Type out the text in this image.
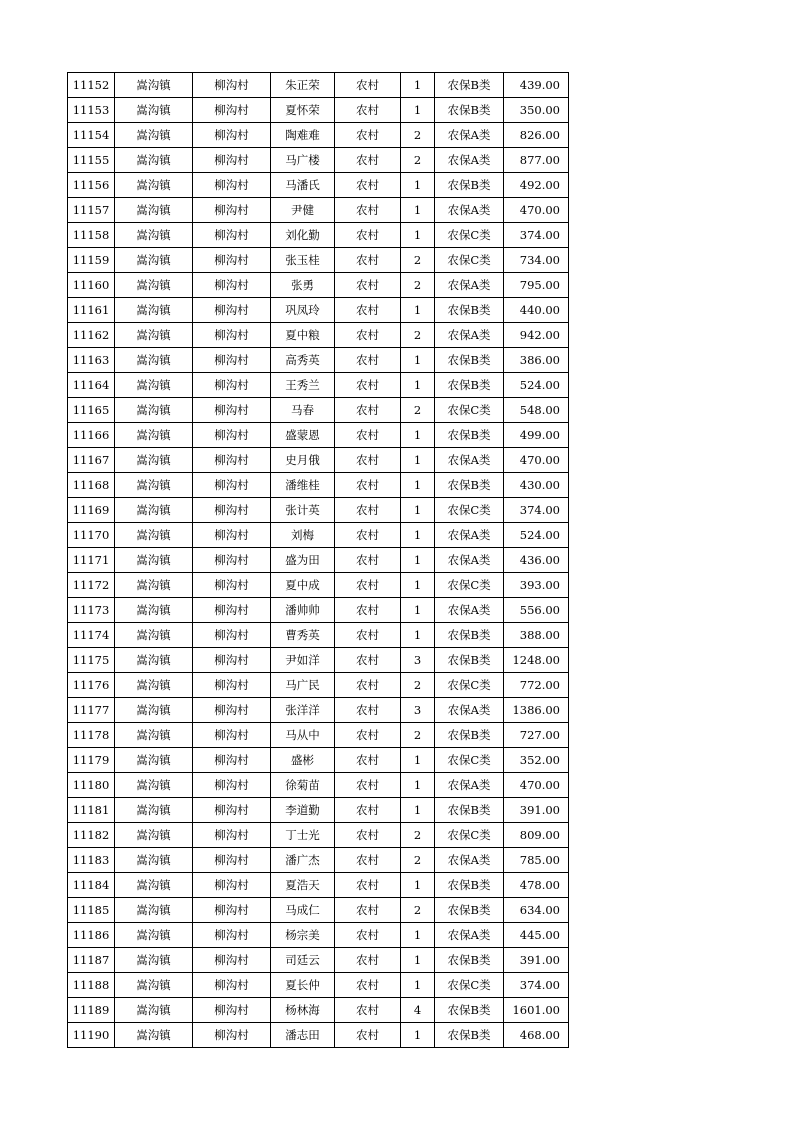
11152	嵩沟镇	柳沟村	朱正荣	农村	1	农保B类	439.00
11153	嵩沟镇	柳沟村	夏怀荣	农村	1	农保B类	350.00
11154	嵩沟镇	柳沟村	陶难难	农村	2	农保A类	826.00
11155	嵩沟镇	柳沟村	马广楼	农村	2	农保A类	877.00
11156	嵩沟镇	柳沟村	马潘氏	农村	1	农保B类	492.00
11157	嵩沟镇	柳沟村	尹健	农村	1	农保A类	470.00
11158	嵩沟镇	柳沟村	刘化勤	农村	1	农保C类	374.00
11159	嵩沟镇	柳沟村	张玉桂	农村	2	农保C类	734.00
11160	嵩沟镇	柳沟村	张勇	农村	2	农保A类	795.00
11161	嵩沟镇	柳沟村	巩凤玲	农村	1	农保B类	440.00
11162	嵩沟镇	柳沟村	夏中粮	农村	2	农保A类	942.00
11163	嵩沟镇	柳沟村	高秀英	农村	1	农保B类	386.00
11164	嵩沟镇	柳沟村	王秀兰	农村	1	农保B类	524.00
11165	嵩沟镇	柳沟村	马春	农村	2	农保C类	548.00
11166	嵩沟镇	柳沟村	盛蒙恩	农村	1	农保B类	499.00
11167	嵩沟镇	柳沟村	史月俄	农村	1	农保A类	470.00
11168	嵩沟镇	柳沟村	潘维桂	农村	1	农保B类	430.00
11169	嵩沟镇	柳沟村	张计英	农村	1	农保C类	374.00
11170	嵩沟镇	柳沟村	刘梅	农村	1	农保A类	524.00
11171	嵩沟镇	柳沟村	盛为田	农村	1	农保A类	436.00
11172	嵩沟镇	柳沟村	夏中成	农村	1	农保C类	393.00
11173	嵩沟镇	柳沟村	潘帅帅	农村	1	农保A类	556.00
11174	嵩沟镇	柳沟村	曹秀英	农村	1	农保B类	388.00
11175	嵩沟镇	柳沟村	尹如洋	农村	3	农保B类	1248.00
11176	嵩沟镇	柳沟村	马广民	农村	2	农保C类	772.00
11177	嵩沟镇	柳沟村	张洋洋	农村	3	农保A类	1386.00
11178	嵩沟镇	柳沟村	马从中	农村	2	农保B类	727.00
11179	嵩沟镇	柳沟村	盛彬	农村	1	农保C类	352.00
11180	嵩沟镇	柳沟村	徐菊苗	农村	1	农保A类	470.00
11181	嵩沟镇	柳沟村	李道勤	农村	1	农保B类	391.00
11182	嵩沟镇	柳沟村	丁士光	农村	2	农保C类	809.00
11183	嵩沟镇	柳沟村	潘广杰	农村	2	农保A类	785.00
11184	嵩沟镇	柳沟村	夏浩天	农村	1	农保B类	478.00
11185	嵩沟镇	柳沟村	马成仁	农村	2	农保B类	634.00
11186	嵩沟镇	柳沟村	杨宗美	农村	1	农保A类	445.00
11187	嵩沟镇	柳沟村	司廷云	农村	1	农保B类	391.00
11188	嵩沟镇	柳沟村	夏长仲	农村	1	农保C类	374.00
11189	嵩沟镇	柳沟村	杨林海	农村	4	农保B类	1601.00
11190	嵩沟镇	柳沟村	潘志田	农村	1	农保B类	468.00
